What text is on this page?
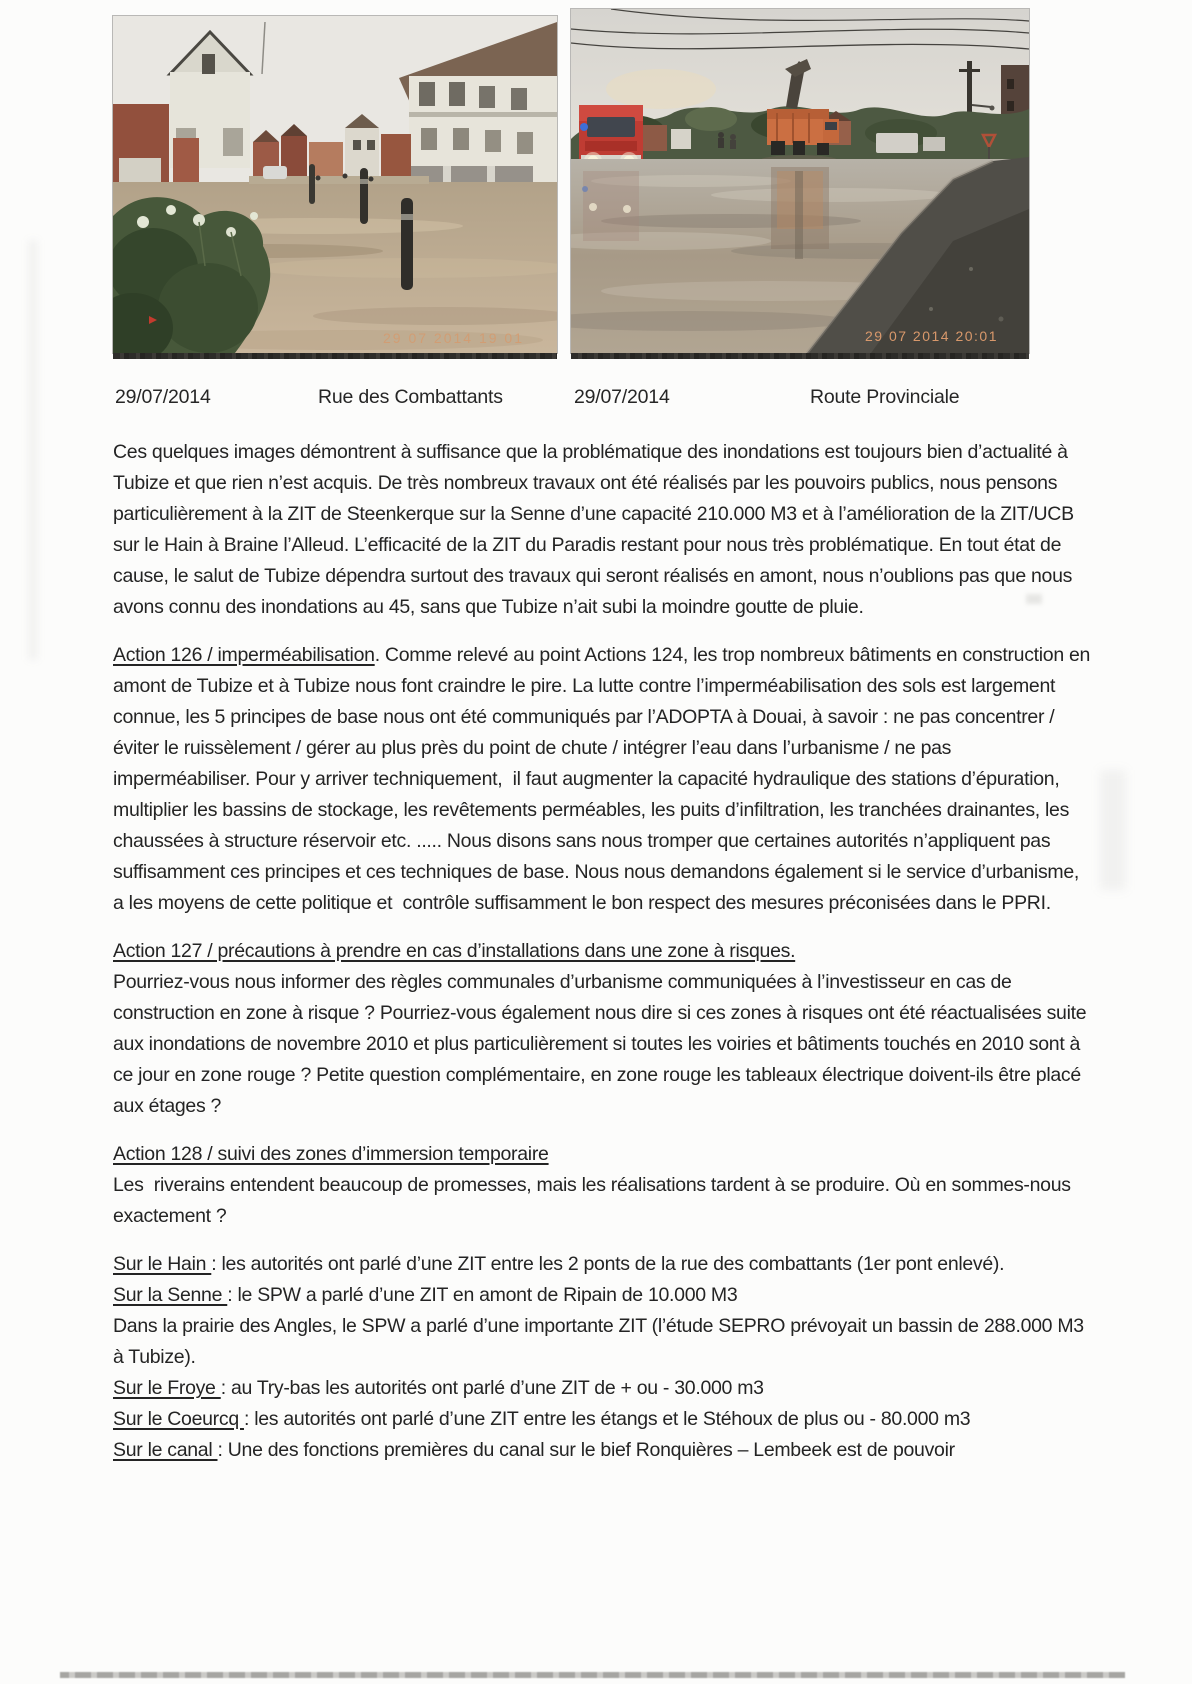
29 07 2014 19 01	29 07 2014 20:01
29/07/2014	Rue des Combattants	29/07/2014	Route Provinciale

Ces quelques images démontrent à suffisance que la problématique des inondations est toujours bien d’actualité à Tubize et que rien n’est acquis. De très nombreux travaux ont été réalisés par les pouvoirs publics, nous pensons particulièrement à la ZIT de Steenkerque sur la Senne d’une capacité 210.000 M3 et à l’amélioration de la ZIT/UCB sur le Hain à Braine l’Alleud. L’efficacité de la ZIT du Paradis restant pour nous très problématique. En tout état de cause, le salut de Tubize dépendra surtout des travaux qui seront réalisés en amont, nous n’oublions pas que nous avons connu des inondations au 45, sans que Tubize n’ait subi la moindre goutte de pluie.

Action 126 / imperméabilisation. Comme relevé au point Actions 124, les trop nombreux bâtiments en construction en amont de Tubize et à Tubize nous font craindre le pire. La lutte contre l’imperméabilisation des sols est largement connue, les 5 principes de base nous ont été communiqués par l’ADOPTA à Douai, à savoir : ne pas concentrer / éviter le ruissèlement / gérer au plus près du point de chute / intégrer l’eau dans l’urbanisme / ne pas imperméabiliser. Pour y arriver techniquement,  il faut augmenter la capacité hydraulique des stations d’épuration, multiplier les bassins de stockage, les revêtements perméables, les puits d’infiltration, les tranchées drainantes, les chaussées à structure réservoir etc. ..... Nous disons sans nous tromper que certaines autorités n’appliquent pas suffisamment ces principes et ces techniques de base. Nous nous demandons également si le service d’urbanisme, a les moyens de cette politique et  contrôle suffisamment le bon respect des mesures préconisées dans le PPRI.

Action 127 / précautions à prendre en cas d’installations dans une zone à risques.
Pourriez-vous nous informer des règles communales d’urbanisme communiquées à l’investisseur en cas de construction en zone à risque ? Pourriez-vous également nous dire si ces zones à risques ont été réactualisées suite aux inondations de novembre 2010 et plus particulièrement si toutes les voiries et bâtiments touchés en 2010 sont à ce jour en zone rouge ? Petite question complémentaire, en zone rouge les tableaux électrique doivent-ils être placé aux étages ?

Action 128 / suivi des zones d’immersion temporaire
Les  riverains entendent beaucoup de promesses, mais les réalisations tardent à se produire. Où en sommes-nous exactement ?

Sur le Hain : les autorités ont parlé d’une ZIT entre les 2 ponts de la rue des combattants (1er pont enlevé).

Sur la Senne : le SPW a parlé d’une ZIT en amont de Ripain de 10.000 M3

Dans la prairie des Angles, le SPW a parlé d’une importante ZIT (l’étude SEPRO prévoyait un bassin de 288.000 M3 à Tubize).

Sur le Froye : au Try-bas les autorités ont parlé d’une ZIT de + ou - 30.000 m3

Sur le Coeurcq : les autorités ont parlé d’une ZIT entre les étangs et le Stéhoux de plus ou - 80.000 m3

Sur le canal : Une des fonctions premières du canal sur le bief Ronquières – Lembeek est de pouvoir
